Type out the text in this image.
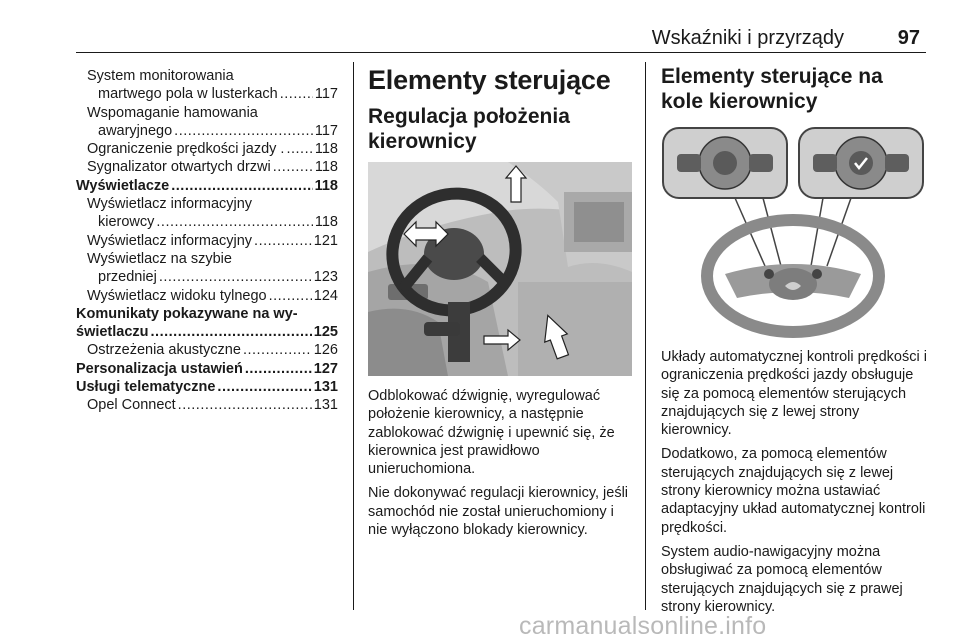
Wskaźniki i przyrządy	97
System monitorowania
martwego pola w lusterkach .....	117
Wspomaganie hamowania
awaryjnego .....	117
Ograniczenie prędkości jazdy . ..... 118
Sygnalizator otwartych drzwi .....	118
Wyświetlacze .....	118
Wyświetlacz informacyjny
kierowcy .....	118
Wyświetlacz informacyjny .....	121
Wyświetlacz na szybie
przedniej .....	123
Wyświetlacz widoku tylnego .....	124
Komunikaty pokazywane na wy-
świetlaczu .....	125
Ostrzeżenia akustyczne .....	126
Personalizacja ustawień .....	127
Usługi telematyczne .....	131
Opel Connect .....	131
Elementy sterujące
Regulacja położenia kierownicy

Odblokować dźwignię, wyregulować położenie kierownicy, a następnie zablokować dźwignię i upewnić się, że kierownica jest prawidłowo unieruchomiona.

Nie dokonywać regulacji kierownicy, jeśli samochód nie został unieruchomiony i nie wyłączono blokady kierownicy.

Elementy sterujące na kole kierownicy

Układy automatycznej kontroli prędkości i ograniczenia prędkości jazdy obsługuje się za pomocą elementów sterujących znajdujących się z lewej strony kierownicy.

Dodatkowo, za pomocą elementów sterujących znajdujących się z lewej strony kierownicy można ustawiać adaptacyjny układ automatycznej kontroli prędkości.

System audio-nawigacyjny można obsługiwać za pomocą elementów sterujących znajdujących się z prawej strony kierownicy.

carmanualsonline.info
